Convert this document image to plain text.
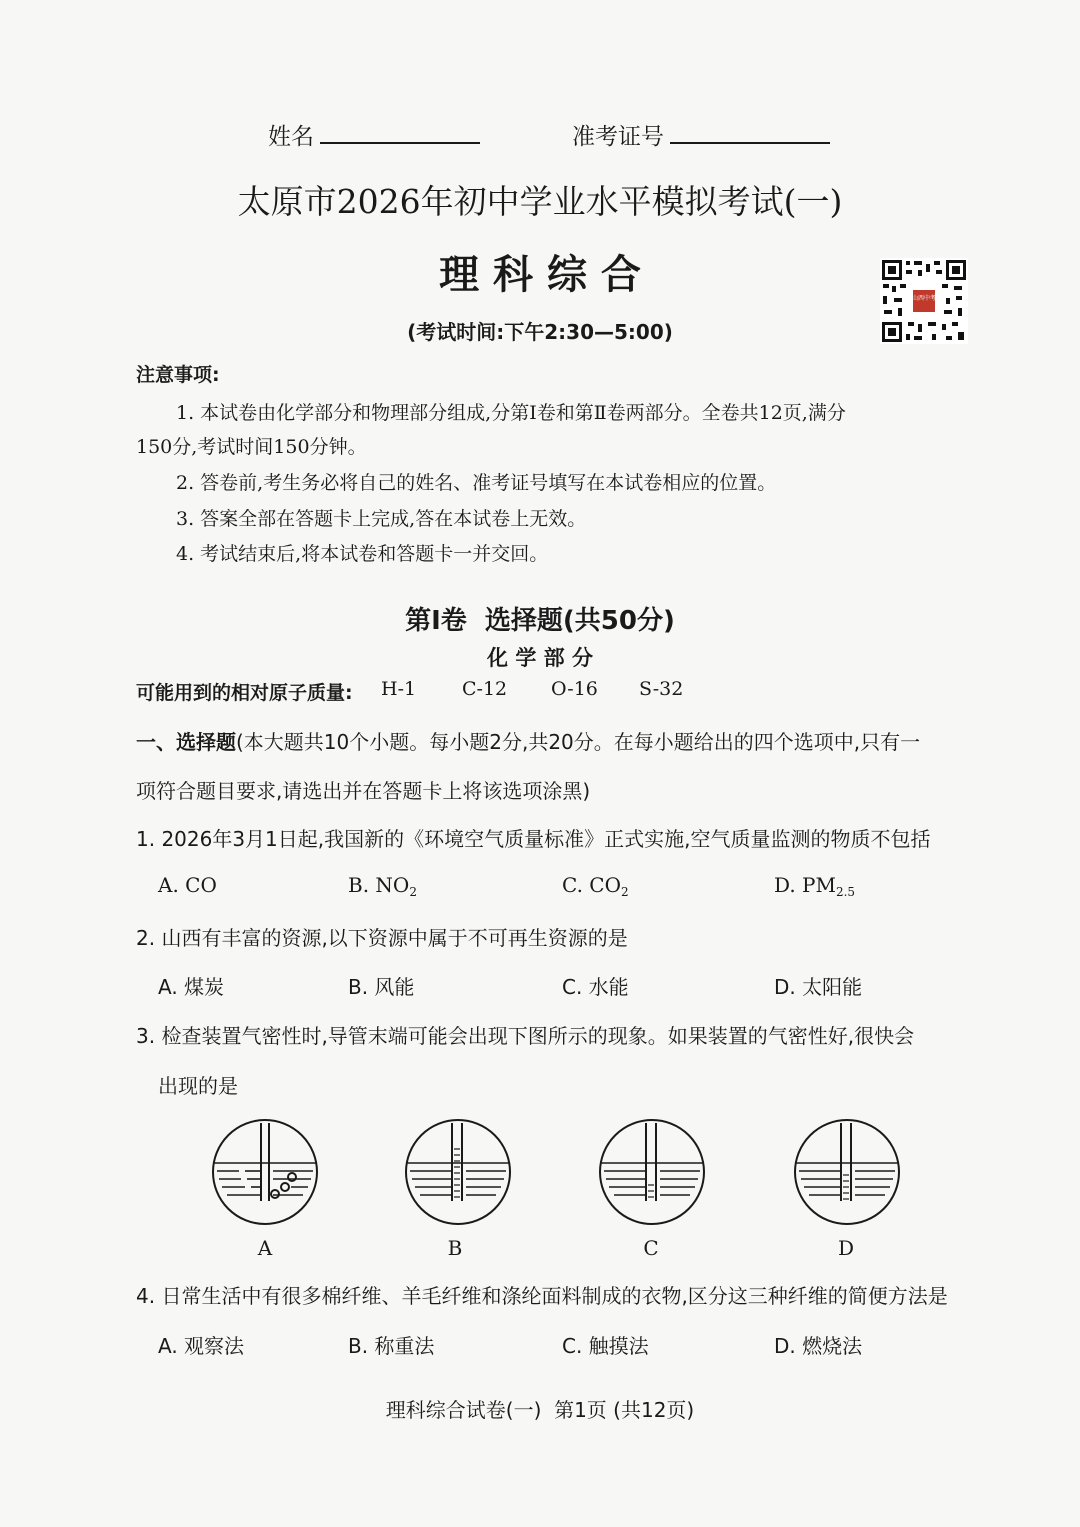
姓名	准考证号
太原市2026年初中学业水平模拟考试(一)
理 科 综 合
(考试时间:下午2:30—5:00)
山西中考
注意事项:
1. 本试卷由化学部分和物理部分组成,分第Ⅰ卷和第Ⅱ卷两部分。全卷共12页,满分
150分,考试时间150分钟。
2. 答卷前,考生务必将自己的姓名、准考证号填写在本试卷相应的位置。
3. 答案全部在答题卡上完成,答在本试卷上无效。
4. 考试结束后,将本试卷和答题卡一并交回。
第Ⅰ卷  选择题(共50分)
化 学 部 分
可能用到的相对原子质量: H-1 C-12 O-16 S-32
一、选择题(本大题共10个小题。每小题2分,共20分。在每小题给出的四个选项中,只有一
项符合题目要求,请选出并在答题卡上将该选项涂黑)
1. 2026年3月1日起,我国新的《环境空气质量标准》正式实施,空气质量监测的物质不包括
A. CO	B. $NO_2$	C. $CO_2$	D. $PM_{2.5}$
2. 山西有丰富的资源,以下资源中属于不可再生资源的是
A. 煤炭	B. 风能	C. 水能	D. 太阳能
3. 检查装置气密性时,导管末端可能会出现下图所示的现象。如果装置的气密性好,很快会
出现的是
A	B	C	D
4. 日常生活中有很多棉纤维、羊毛纤维和涤纶面料制成的衣物,区分这三种纤维的简便方法是
A. 观察法	B. 称重法	C. 触摸法	D. 燃烧法
理科综合试卷(一)  第1页 (共12页)
